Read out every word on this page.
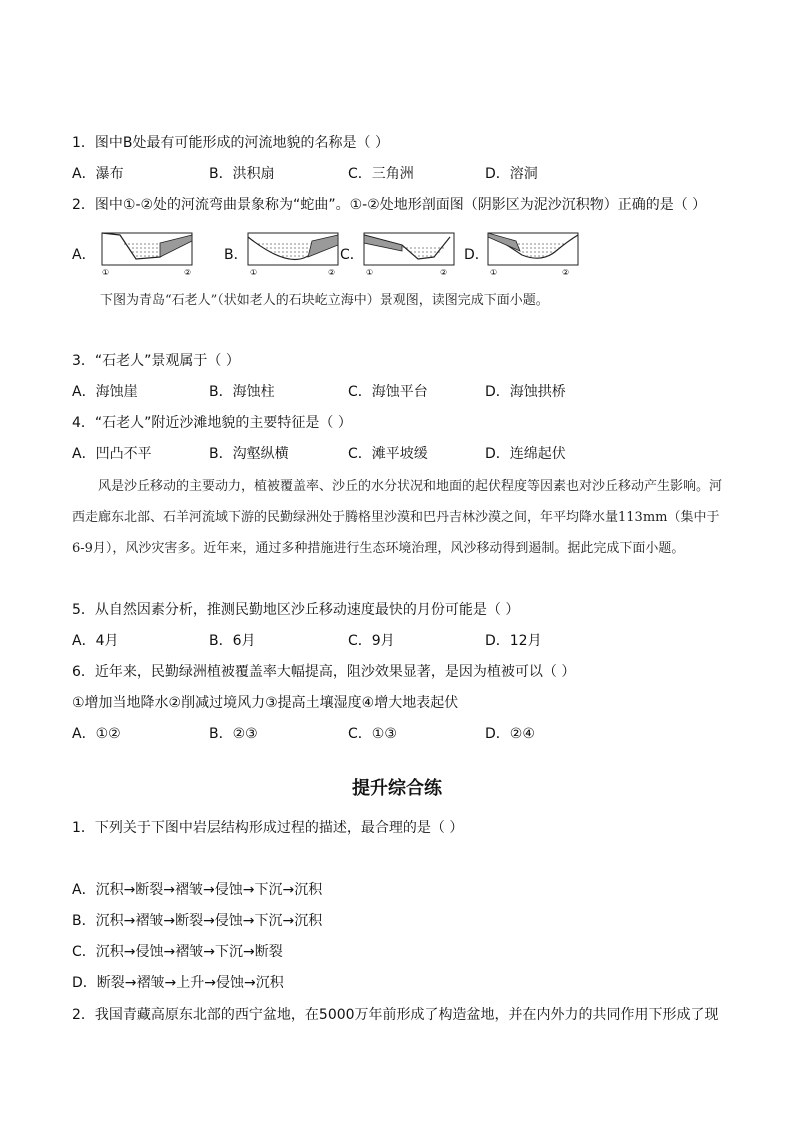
1．图中B处最有可能形成的河流地貌的名称是（ ）
A．瀑布	B．洪积扇	C．三角洲	D．溶洞
2．图中①-②处的河流弯曲景象称为“蛇曲”。①-②处地形剖面图（阴影区为泥沙沉积物）正确的是（ ）
A．
①	②
B．
①	②
C．
①	②
D．
①	②
下图为青岛“石老人”（状如老人的石块屹立海中）景观图，读图完成下面小题。
3．“石老人”景观属于（ ）
A．海蚀崖	B．海蚀柱	C．海蚀平台	D．海蚀拱桥
4．“石老人”附近沙滩地貌的主要特征是（ ）
A．凹凸不平	B．沟壑纵横	C．滩平坡缓	D．连绵起伏
风是沙丘移动的主要动力，植被覆盖率、沙丘的水分状况和地面的起伏程度等因素也对沙丘移动产生影响。河西走廊东北部、石羊河流域下游的民勤绿洲处于腾格里沙漠和巴丹吉林沙漠之间，年平均降水量113mm（集中于6-9月），风沙灾害多。近年来，通过多种措施进行生态环境治理，风沙移动得到遏制。据此完成下面小题。
5．从自然因素分析，推测民勤地区沙丘移动速度最快的月份可能是（ ）
A．4月	B．6月	C．9月	D．12月
6．近年来，民勤绿洲植被覆盖率大幅提高，阻沙效果显著，是因为植被可以（ ）
①增加当地降水②削减过境风力③提高土壤湿度④增大地表起伏
A．①②	B．②③	C．①③	D．②④
提升综合练
1．下列关于下图中岩层结构形成过程的描述，最合理的是（ ）
A．沉积→断裂→褶皱→侵蚀→下沉→沉积
B．沉积→褶皱→断裂→侵蚀→下沉→沉积
C．沉积→侵蚀→褶皱→下沉→断裂
D．断裂→褶皱→上升→侵蚀→沉积
2．我国青藏高原东北部的西宁盆地，在5000万年前形成了构造盆地，并在内外力的共同作用下形成了现
